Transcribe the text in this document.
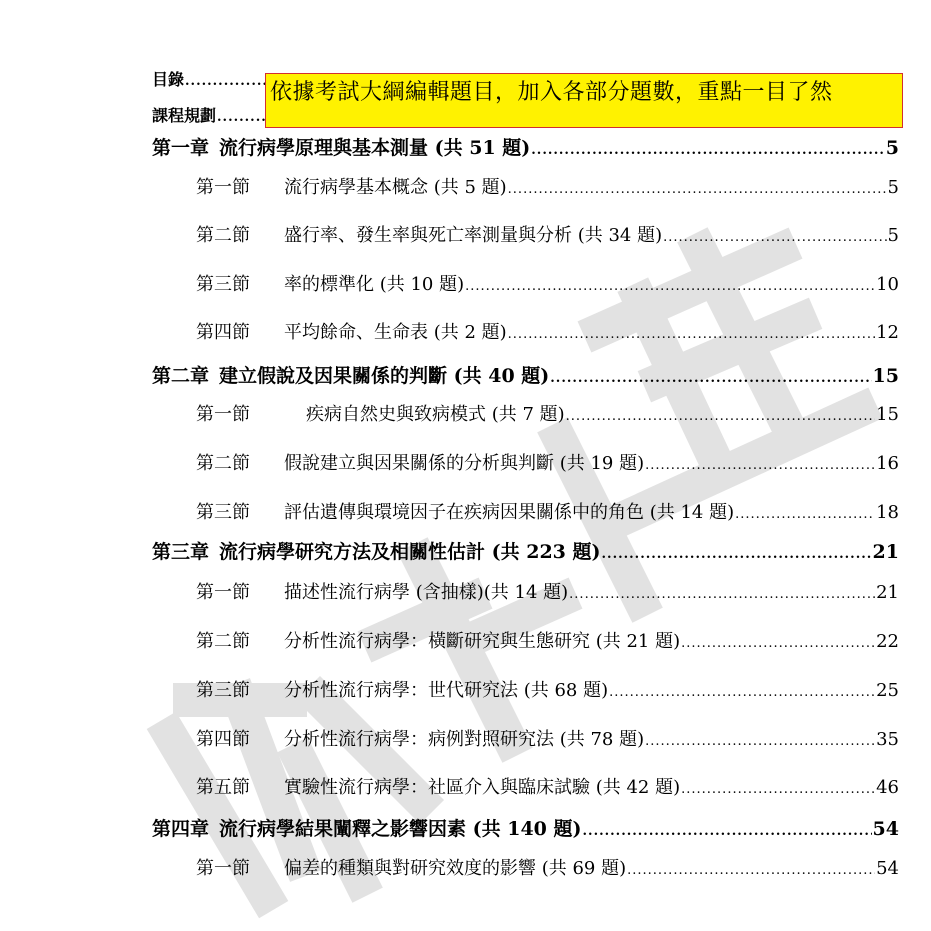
目錄
.....
課程規劃
.....
依據考試大綱編輯題目，加入各部分題數，重點一目了然
第一章 流行病學原理與基本測量 (共 51 題) .....	5
第一節 流行病學基本概念 (共 5 題) .....	5
第二節 盛行率、發生率與死亡率測量與分析 (共 34 題) .....	5
第三節 率的標準化 (共 10 題) .....	10
第四節 平均餘命、生命表 (共 2 題) .....	12
第二章 建立假說及因果關係的判斷 (共 40 題) .....	15
第一節	疾病自然史與致病模式 (共 7 題) .....	15
第二節 假說建立與因果關係的分析與判斷 (共 19 題) .....	16
第三節 評估遺傳與環境因子在疾病因果關係中的角色 (共 14 題) .....	18
第三章 流行病學研究方法及相關性估計 (共 223 題) .....	21
第一節 描述性流行病學 (含抽樣)(共 14 題) .....	21
第二節 分析性流行病學：橫斷研究與生態研究 (共 21 題) .....	22
第三節 分析性流行病學：世代研究法 (共 68 題) .....	25
第四節 分析性流行病學：病例對照研究法 (共 78 題) .....	35
第五節 實驗性流行病學：社區介入與臨床試驗 (共 42 題) .....	46
第四章 流行病學結果闡釋之影響因素 (共 140 題) .....	54
第一節 偏差的種類與對研究效度的影響 (共 69 題) .....	54
